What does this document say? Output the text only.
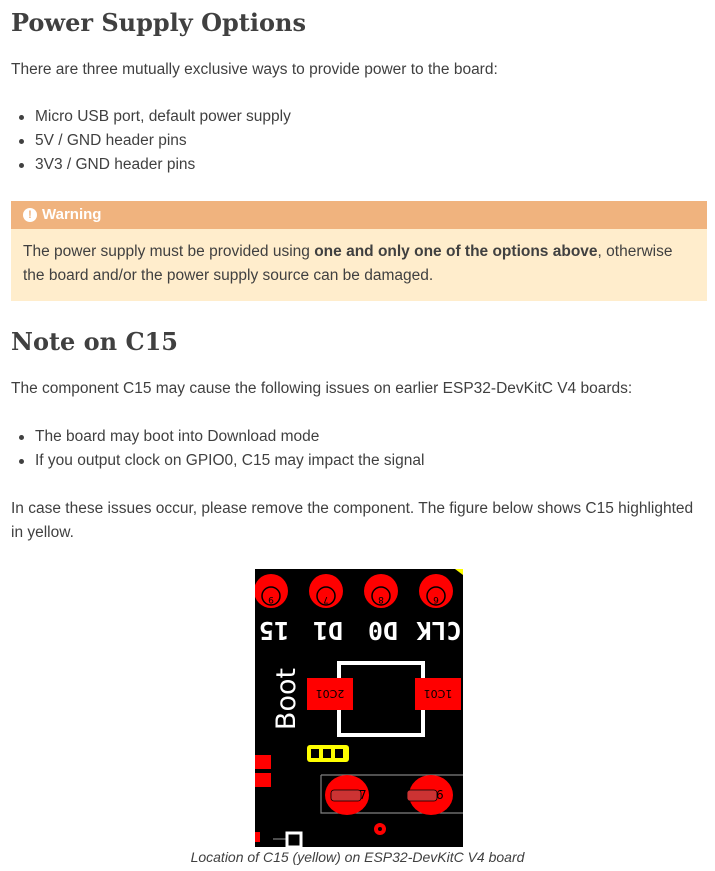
Power Supply Options

There are three mutually exclusive ways to provide power to the board:

Micro USB port, default power supply
5V / GND header pins
3V3 / GND header pins
! Warning
The power supply must be provided using one and only one of the options above, otherwise the board and/or the power supply source can be damaged.
Note on C15

The component C15 may cause the following issues on earlier ESP32-DevKitC V4 boards:

The board may boot into Download mode
If you output clock on GPIO0, C15 may impact the signal

In case these issues occur, please remove the component. The figure below shows C15 highlighted in yellow.

9	7	8	6
15 D1 D0 CLK
Boot 2C01	1C01
7	6
Location of C15 (yellow) on ESP32-DevKitC V4 board
